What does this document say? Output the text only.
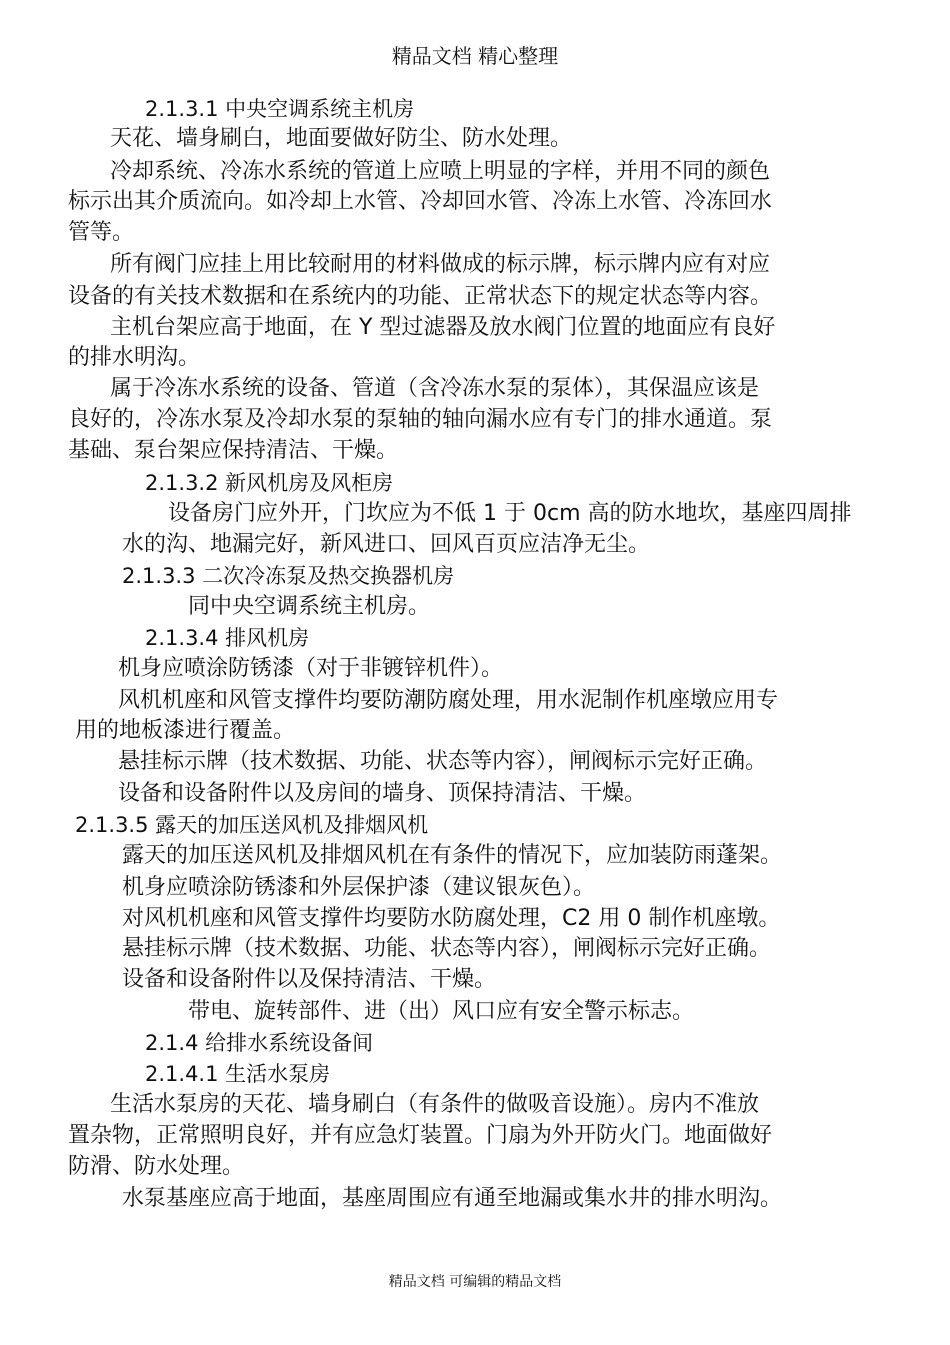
精品文档 精心整理
2.1.3.1 中央空调系统主机房
天花、墙身刷白，地面要做好防尘、防水处理。
冷却系统、冷冻水系统的管道上应喷上明显的字样，并用不同的颜色
标示出其介质流向。如冷却上水管、冷却回水管、冷冻上水管、冷冻回水
管等。
所有阀门应挂上用比较耐用的材料做成的标示牌，标示牌内应有对应
设备的有关技术数据和在系统内的功能、正常状态下的规定状态等内容。
主机台架应高于地面，在 Y 型过滤器及放水阀门位置的地面应有良好
的排水明沟。
属于冷冻水系统的设备、管道（含冷冻水泵的泵体），其保温应该是
良好的，冷冻水泵及冷却水泵的泵轴的轴向漏水应有专门的排水通道。泵
基础、泵台架应保持清洁、干燥。
2.1.3.2 新风机房及风柜房
设备房门应外开，门坎应为不低 1 于 0cm 高的防水地坎，基座四周排
水的沟、地漏完好，新风进口、回风百页应洁净无尘。
2.1.3.3 二次冷冻泵及热交换器机房
同中央空调系统主机房。
2.1.3.4 排风机房
机身应喷涂防锈漆（对于非镀锌机件）。
风机机座和风管支撑件均要防潮防腐处理，用水泥制作机座墩应用专
用的地板漆进行覆盖。
悬挂标示牌（技术数据、功能、状态等内容），闸阀标示完好正确。
设备和设备附件以及房间的墙身、顶保持清洁、干燥。
2.1.3.5 露天的加压送风机及排烟风机
露天的加压送风机及排烟风机在有条件的情况下，应加装防雨蓬架。
机身应喷涂防锈漆和外层保护漆（建议银灰色）。
对风机机座和风管支撑件均要防水防腐处理，C2 用 0 制作机座墩。
悬挂标示牌（技术数据、功能、状态等内容），闸阀标示完好正确。
设备和设备附件以及保持清洁、干燥。
带电、旋转部件、进（出）风口应有安全警示标志。
2.1.4 给排水系统设备间
2.1.4.1 生活水泵房
生活水泵房的天花、墙身刷白（有条件的做吸音设施）。房内不准放
置杂物，正常照明良好，并有应急灯装置。门扇为外开防火门。地面做好
防滑、防水处理。
水泵基座应高于地面，基座周围应有通至地漏或集水井的排水明沟。
精品文档 可编辑的精品文档
